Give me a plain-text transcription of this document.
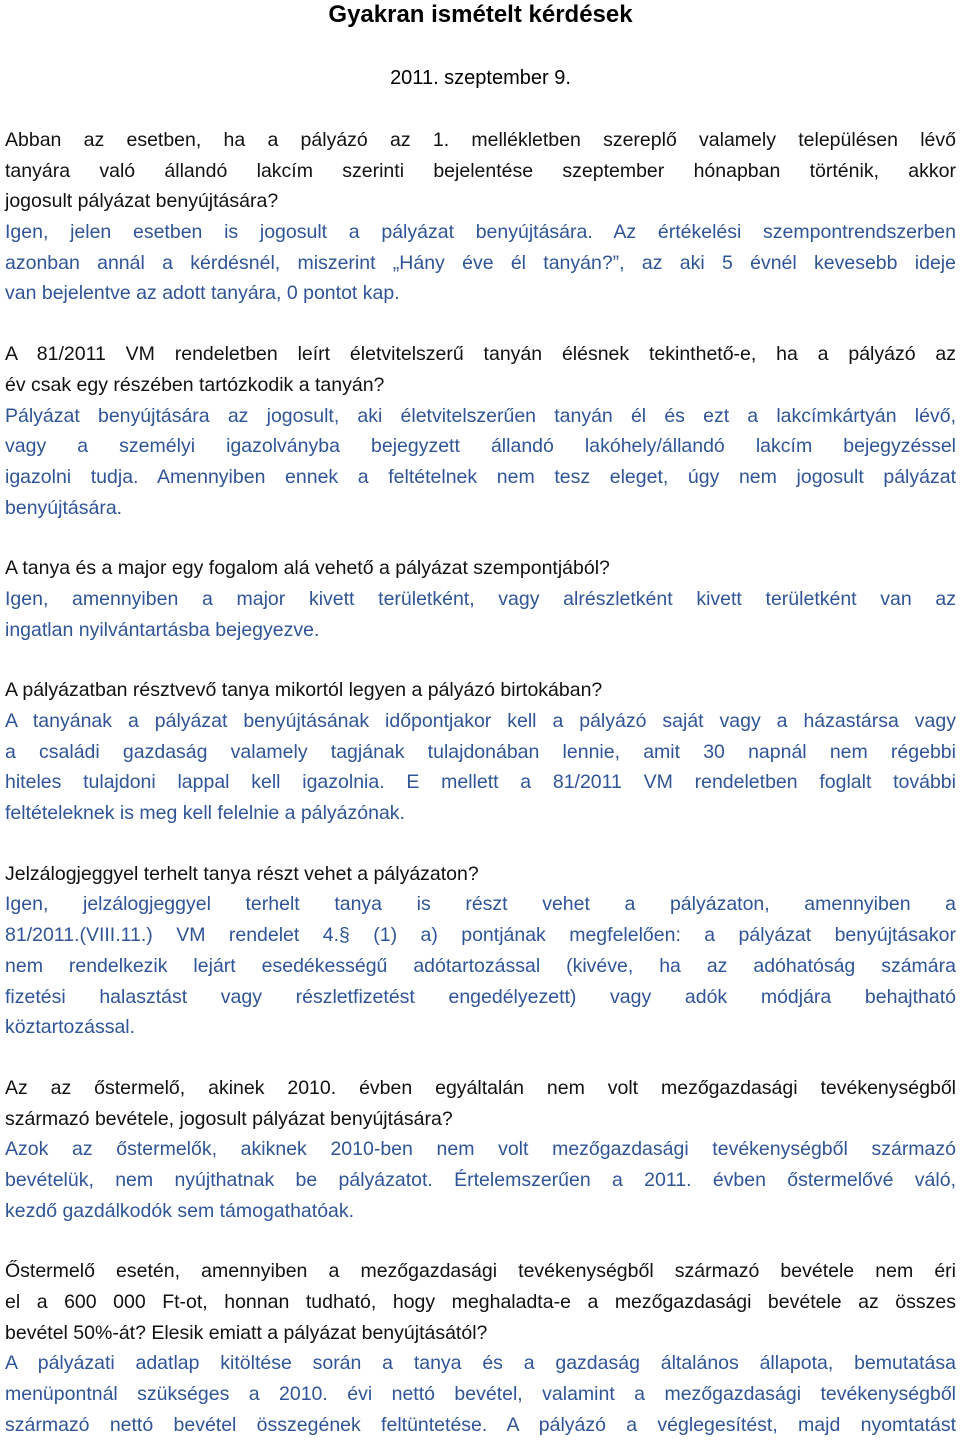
Gyakran ismételt kérdések
2011. szeptember 9.
Abban az esetben, ha a pályázó az 1. mellékletben szereplő valamely településen lévő
tanyára való állandó lakcím szerinti bejelentése szeptember hónapban történik, akkor
jogosult pályázat benyújtására?
Igen, jelen esetben is jogosult a pályázat benyújtására. Az értékelési szempontrendszerben
azonban annál a kérdésnél, miszerint „Hány éve él tanyán?”, az aki 5 évnél kevesebb ideje
van bejelentve az adott tanyára, 0 pontot kap.
A 81/2011 VM rendeletben leírt életvitelszerű tanyán élésnek tekinthető-e, ha a pályázó az
év csak egy részében tartózkodik a tanyán?
Pályázat benyújtására az jogosult, aki életvitelszerűen tanyán él és ezt a lakcímkártyán lévő,
vagy a személyi igazolványba bejegyzett állandó lakóhely/állandó lakcím bejegyzéssel
igazolni tudja. Amennyiben ennek a feltételnek nem tesz eleget, úgy nem jogosult pályázat
benyújtására.
A tanya és a major egy fogalom alá vehető a pályázat szempontjából?
Igen, amennyiben a major kivett területként, vagy alrészletként kivett területként van az
ingatlan nyilvántartásba bejegyezve.
A pályázatban résztvevő tanya mikortól legyen a pályázó birtokában?
A tanyának a pályázat benyújtásának időpontjakor kell a pályázó saját vagy a házastársa vagy
a családi gazdaság valamely tagjának tulajdonában lennie, amit 30 napnál nem régebbi
hiteles tulajdoni lappal kell igazolnia. E mellett a 81/2011 VM rendeletben foglalt további
feltételeknek is meg kell felelnie a pályázónak.
Jelzálogjeggyel terhelt tanya részt vehet a pályázaton?
Igen, jelzálogjeggyel terhelt tanya is részt vehet a pályázaton, amennyiben a
81/2011.(VIII.11.) VM rendelet 4.§ (1) a) pontjának megfelelően: a pályázat benyújtásakor
nem rendelkezik lejárt esedékességű adótartozással (kivéve, ha az adóhatóság számára
fizetési halasztást vagy részletfizetést engedélyezett) vagy adók módjára behajtható
köztartozással.
Az az őstermelő, akinek 2010. évben egyáltalán nem volt mezőgazdasági tevékenységből
származó bevétele, jogosult pályázat benyújtására?
Azok az őstermelők, akiknek 2010-ben nem volt mezőgazdasági tevékenységből származó
bevételük, nem nyújthatnak be pályázatot. Értelemszerűen a 2011. évben őstermelővé váló,
kezdő gazdálkodók sem támogathatóak.
Őstermelő esetén, amennyiben a mezőgazdasági tevékenységből származó bevétele nem éri
el a 600 000 Ft-ot, honnan tudható, hogy meghaladta-e a mezőgazdasági bevétele az összes
bevétel 50%-át? Elesik emiatt a pályázat benyújtásától?
A pályázati adatlap kitöltése során a tanya és a gazdaság általános állapota, bemutatása
menüpontnál szükséges a 2010. évi nettó bevétel, valamint a mezőgazdasági tevékenységből
származó nettó bevétel összegének feltüntetése. A pályázó a véglegesítést, majd nyomtatást
